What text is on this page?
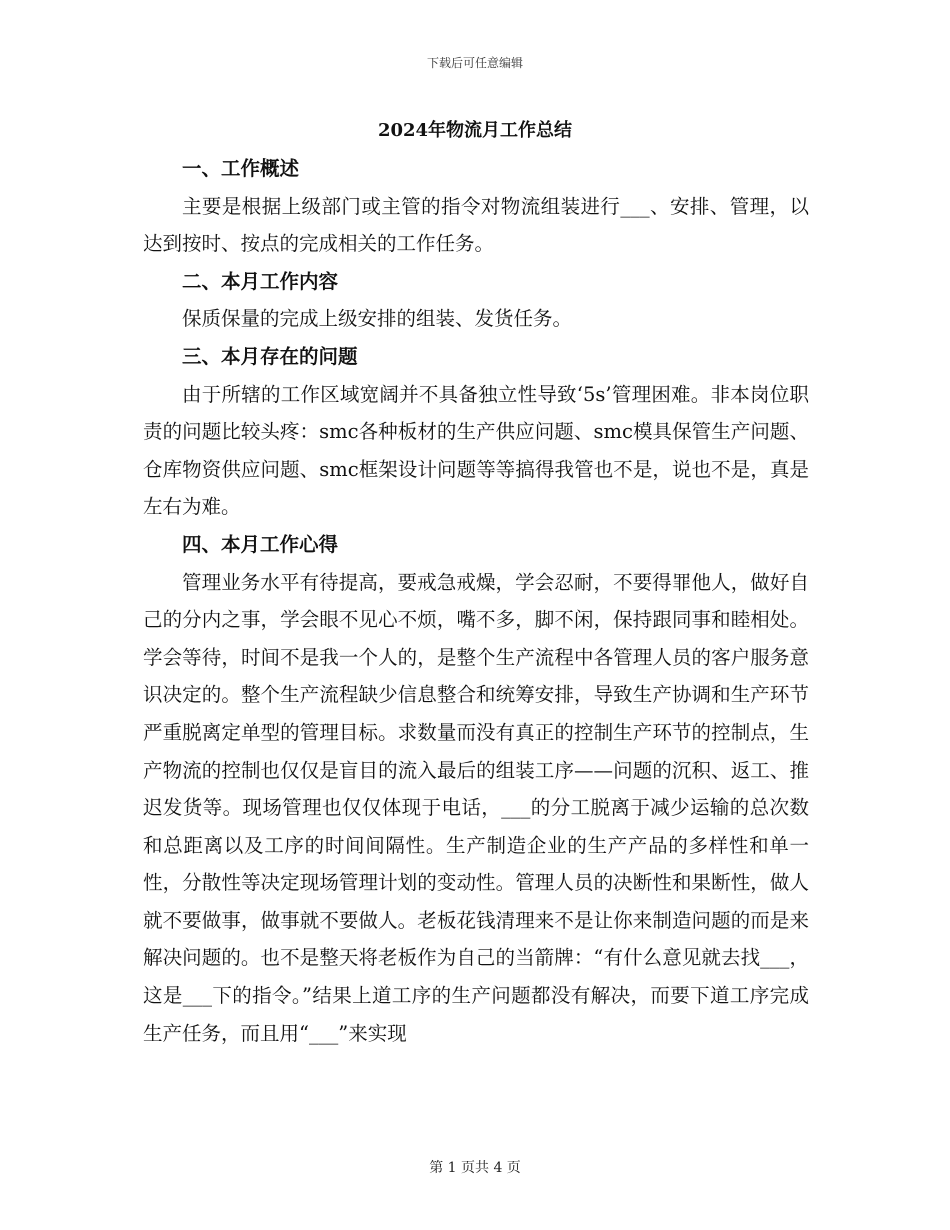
下载后可任意编辑
2024年物流月工作总结

一、工作概述

主要是根据上级部门或主管的指令对物流组装进行___、安排、管理，以达到按时、按点的完成相关的工作任务。

二、本月工作内容

保质保量的完成上级安排的组装、发货任务。

三、本月存在的问题

由于所辖的工作区域宽阔并不具备独立性导致‘5s’管理困难。非本岗位职责的问题比较头疼：smc各种板材的生产供应问题、smc模具保管生产问题、仓库物资供应问题、smc框架设计问题等等搞得我管也不是，说也不是，真是左右为难。

四、本月工作心得

管理业务水平有待提高，要戒急戒燥，学会忍耐，不要得罪他人，做好自己的分内之事，学会眼不见心不烦，嘴不多，脚不闲，保持跟同事和睦相处。学会等待，时间不是我一个人的，是整个生产流程中各管理人员的客户服务意识决定的。整个生产流程缺少信息整合和统筹安排，导致生产协调和生产环节严重脱离定单型的管理目标。求数量而没有真正的控制生产环节的控制点，生产物流的控制也仅仅是盲目的流入最后的组装工序——问题的沉积、返工、推迟发货等。现场管理也仅仅体现于电话，___的分工脱离于减少运输的总次数和总距离以及工序的时间间隔性。生产制造企业的生产产品的多样性和单一性，分散性等决定现场管理计划的变动性。管理人员的决断性和果断性，做人就不要做事，做事就不要做人。老板花钱清理来不是让你来制造问题的而是来解决问题的。也不是整天将老板作为自己的当箭牌：“有什么意见就去找___，这是___下的指令。”结果上道工序的生产问题都没有解决，而要下道工序完成生产任务，而且用“___”来实现

第 1 页共 4 页
